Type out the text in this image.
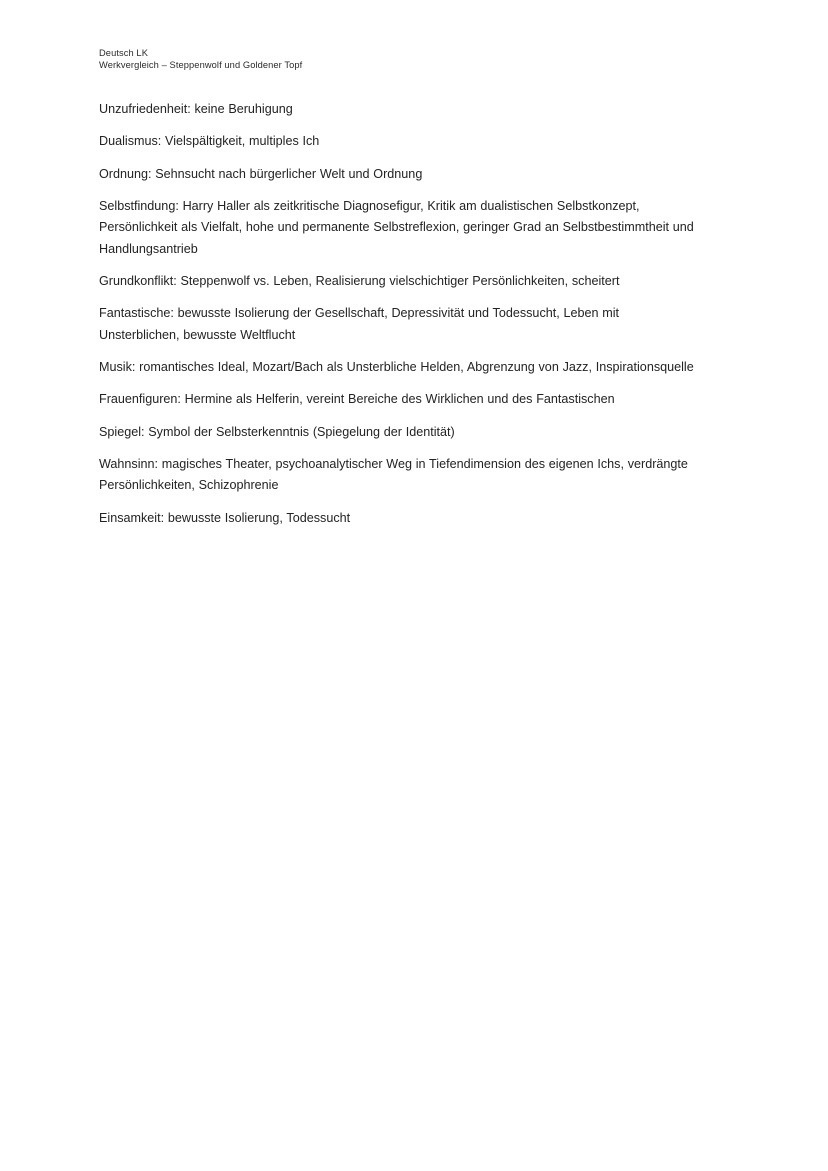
Deutsch LK
Werkvergleich – Steppenwolf und Goldener Topf

Unzufriedenheit: keine Beruhigung

Dualismus: Vielspältigkeit, multiples Ich

Ordnung: Sehnsucht nach bürgerlicher Welt und Ordnung

Selbstfindung: Harry Haller als zeitkritische Diagnosefigur, Kritik am dualistischen Selbstkonzept, Persönlichkeit als Vielfalt, hohe und permanente Selbstreflexion, geringer Grad an Selbstbestimmtheit und Handlungsantrieb

Grundkonflikt: Steppenwolf vs. Leben, Realisierung vielschichtiger Persönlichkeiten, scheitert

Fantastische: bewusste Isolierung der Gesellschaft, Depressivität und Todessucht, Leben mit Unsterblichen, bewusste Weltflucht

Musik: romantisches Ideal, Mozart/Bach als Unsterbliche Helden, Abgrenzung von Jazz, Inspirationsquelle

Frauenfiguren: Hermine als Helferin, vereint Bereiche des Wirklichen und des Fantastischen

Spiegel: Symbol der Selbsterkenntnis (Spiegelung der Identität)

Wahnsinn: magisches Theater, psychoanalytischer Weg in Tiefendimension des eigenen Ichs, verdrängte Persönlichkeiten, Schizophrenie

Einsamkeit: bewusste Isolierung, Todessucht
